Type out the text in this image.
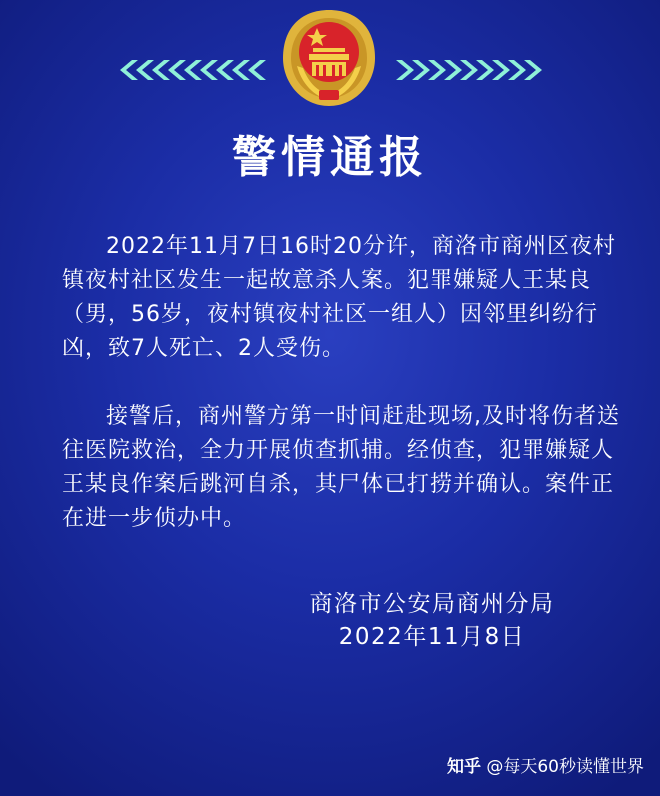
警情通报

2022年11月7日16时20分许，商洛市商州区夜村镇夜村社区发生一起故意杀人案。犯罪嫌疑人王某良（男，56岁，夜村镇夜村社区一组人）因邻里纠纷行凶，致7人死亡、2人受伤。

接警后，商州警方第一时间赶赴现场,及时将伤者送往医院救治，全力开展侦查抓捕。经侦查，犯罪嫌疑人王某良作案后跳河自杀，其尸体已打捞并确认。案件正在进一步侦办中。

商洛市公安局商州分局
2022年11月8日
知乎 @每天60秒读懂世界
